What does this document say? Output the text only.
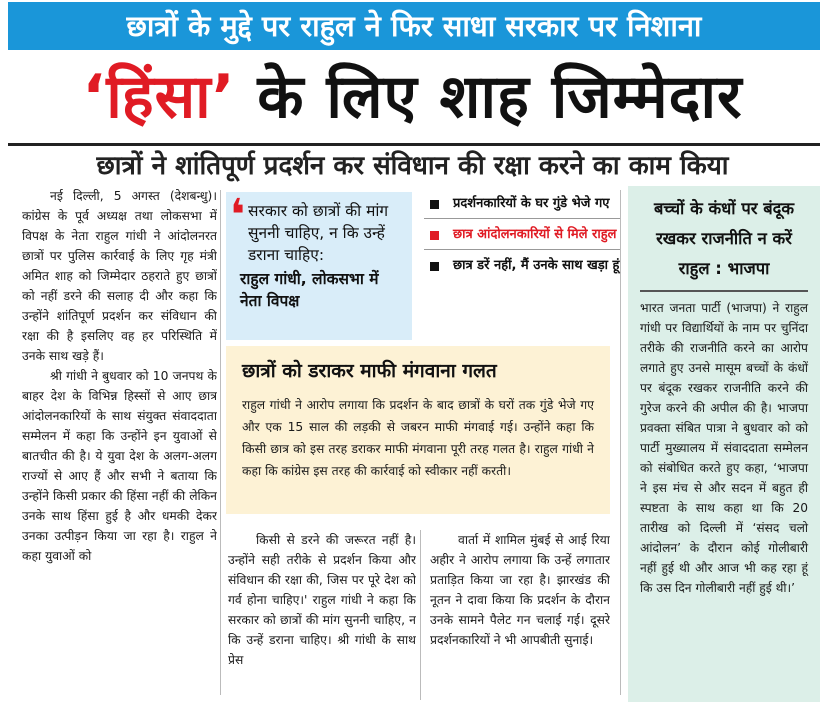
छात्रों के मुद्दे पर राहुल ने फिर साधा सरकार पर निशाना
‘हिंसा’ के लिए शाह जिम्मेदार
छात्रों ने शांतिपूर्ण प्रदर्शन कर संविधान की रक्षा करने का काम किया

नई दिल्ली, 5 अगस्त (देशबन्धु)। कांग्रेस के पूर्व अध्यक्ष तथा लोकसभा में विपक्ष के नेता राहुल गांधी ने आंदोलनरत छात्रों पर पुलिस कार्रवाई के लिए गृह मंत्री अमित शाह को जिम्मेदार ठहराते हुए छात्रों को नहीं डरने की सलाह दी और कहा कि उन्होंने शांतिपूर्ण प्रदर्शन कर संविधान की रक्षा की है इसलिए वह हर परिस्थिति में उनके साथ खड़े हैं।

श्री गांधी ने बुधवार को 10 जनपथ के बाहर देश के विभिन्न हिस्सों से आए छात्र आंदोलनकारियों के साथ संयुक्त संवाददाता सम्मेलन में कहा कि उन्होंने इन युवाओं से बातचीत की है। ये युवा देश के अलग-अलग राज्यों से आए हैं और सभी ने बताया कि उन्होंने किसी प्रकार की हिंसा नहीं की लेकिन उनके साथ हिंसा हुई है और धमकी देकर उनका उत्पीड़न किया जा रहा है। राहुल ने कहा युवाओं को

❛ सरकार को छात्रों की मांग सुननी चाहिए, न कि उन्हें डराना चाहिए:
राहुल गांधी, लोकसभा में नेता विपक्ष
प्रदर्शनकारियों के घर गुंडे भेजे गए
छात्र आंदोलनकारियों से मिले राहुल
छात्र डरें नहीं, मैं उनके साथ खड़ा हूं
छात्रों को डराकर माफी मंगवाना गलत

राहुल गांधी ने आरोप लगाया कि प्रदर्शन के बाद छात्रों के घरों तक गुंडे भेजे गए और एक 15 साल की लड़की से जबरन माफी मंगवाई गई। उन्होंने कहा कि किसी छात्र को इस तरह डराकर माफी मंगवाना पूरी तरह गलत है। राहुल गांधी ने कहा कि कांग्रेस इस तरह की कार्रवाई को स्वीकार नहीं करती।

किसी से डरने की जरूरत नहीं है। उन्होंने सही तरीके से प्रदर्शन किया और संविधान की रक्षा की, जिस पर पूरे देश को गर्व होना चाहिए।' राहुल गांधी ने कहा कि सरकार को छात्रों की मांग सुननी चाहिए, न कि उन्हें डराना चाहिए। श्री गांधी के साथ प्रेस

वार्ता में शामिल मुंबई से आई रिया अहीर ने आरोप लगाया कि उन्हें लगातार प्रताड़ित किया जा रहा है। झारखंड की नूतन ने दावा किया कि प्रदर्शन के दौरान उनके सामने पैलेट गन चलाई गई। दूसरे प्रदर्शनकारियों ने भी आपबीती सुनाई।

बच्चों के कंधों पर बंदूक रखकर राजनीति न करें राहुल : भाजपा

भारत जनता पार्टी (भाजपा) ने राहुल गांधी पर विद्यार्थियों के नाम पर चुनिंदा तरीके की राजनीति करने का आरोप लगाते हुए उनसे मासूम बच्चों के कंधों पर बंदूक रखकर राजनीति करने की गुरेज करने की अपील की है। भाजपा प्रवक्ता संबित पात्रा ने बुधवार को को पार्टी मुख्यालय में संवाददाता सम्मेलन को संबोधित करते हुए कहा, ‘भाजपा ने इस मंच से और सदन में बहुत ही स्पष्टता के साथ कहा था कि 20 तारीख को दिल्ली में ‘संसद चलो आंदोलन’ के दौरान कोई गोलीबारी नहीं हुई थी और आज भी कह रहा हूं कि उस दिन गोलीबारी नहीं हुई थी।’
